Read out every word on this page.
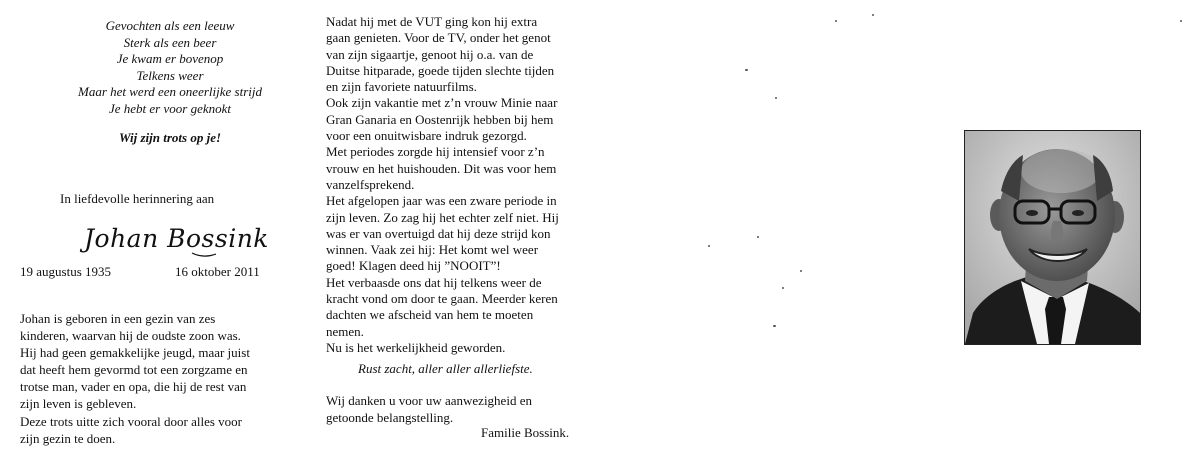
Gevochten als een leeuw
Sterk als een beer
Je kwam er bovenop
Telkens weer
Maar het werd een oneerlijke strijd
Je hebt er voor geknokt
Wij zijn trots op je!
In liefdevolle herinnering aan
Johan Bossink
19 augustus 1935	16 oktober 2011
Johan is geboren in een gezin van zes
kinderen, waarvan hij de oudste zoon was.
Hij had geen gemakkelijke jeugd, maar juist
dat heeft hem gevormd tot een zorgzame en
trotse man, vader en opa, die hij de rest van
zijn leven is gebleven.
Deze trots uitte zich vooral door alles voor
zijn gezin te doen.
Nadat hij met de VUT ging kon hij extra
gaan genieten. Voor de TV, onder het genot
van zijn sigaartje, genoot hij o.a. van de
Duitse hitparade, goede tijden slechte tijden
en zijn favoriete natuurfilms.
Ook zijn vakantie met z’n vrouw Minie naar
Gran Ganaria en Oostenrijk hebben bij hem
voor een onuitwisbare indruk gezorgd.
Met periodes zorgde hij intensief voor z’n
vrouw en het huishouden. Dit was voor hem
vanzelfsprekend.
Het afgelopen jaar was een zware periode in
zijn leven. Zo zag hij het echter zelf niet. Hij
was er van overtuigd dat hij deze strijd kon
winnen. Vaak zei hij: Het komt wel weer
goed! Klagen deed hij ”NOOIT”!
Het verbaasde ons dat hij telkens weer de
kracht vond om door te gaan. Meerder keren
dachten we afscheid van hem te moeten
nemen.
Nu is het werkelijkheid geworden.
Rust zacht, aller aller allerliefste.
Wij danken u voor uw aanwezigheid en
getoonde belangstelling.
Familie Bossink.
